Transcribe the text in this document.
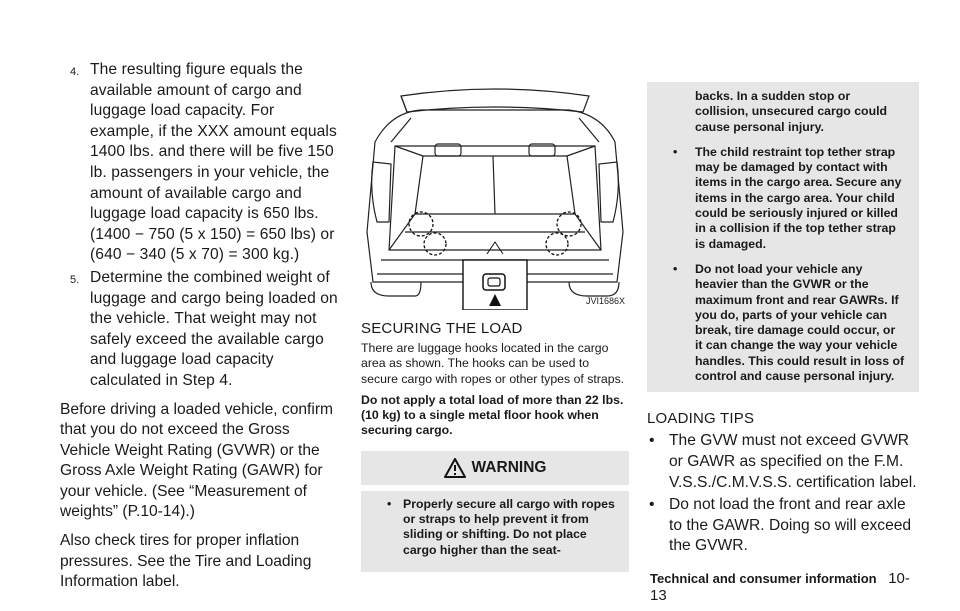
4. The resulting figure equals the available amount of cargo and luggage load capacity. For example, if the XXX amount equals 1400 lbs. and there will be five 150 lb. passengers in your vehicle, the amount of available cargo and luggage load capacity is 650 lbs. (1400 − 750 (5 x 150) = 650 lbs) or (640 − 340 (5 x 70) = 300 kg.)
5. Determine the combined weight of luggage and cargo being loaded on the vehicle. That weight may not safely exceed the available cargo and luggage load capacity calculated in Step 4.

Before driving a loaded vehicle, confirm that you do not exceed the Gross Vehicle Weight Rating (GVWR) or the Gross Axle Weight Rating (GAWR) for your vehicle. (See “Measurement of weights” (P.10-14).)

Also check tires for proper inflation pressures. See the Tire and Loading Information label.

JVI1686X
SECURING THE LOAD

There are luggage hooks located in the cargo area as shown. The hooks can be used to secure cargo with ropes or other types of straps.

Do not apply a total load of more than 22 lbs. (10 kg) to a single metal floor hook when securing cargo.

WARNING
• Properly secure all cargo with ropes or straps to help prevent it from sliding or shifting. Do not place cargo higher than the seat-
backs. In a sudden stop or collision, unsecured cargo could cause personal injury.
• The child restraint top tether strap may be damaged by contact with items in the cargo area. Secure any items in the cargo area. Your child could be seriously injured or killed in a collision if the top tether strap is damaged.
• Do not load your vehicle any heavier than the GVWR or the maximum front and rear GAWRs. If you do, parts of your vehicle can break, tire damage could occur, or it can change the way your vehicle handles. This could result in loss of control and cause personal injury.
LOADING TIPS
• The GVW must not exceed GVWR or GAWR as specified on the F.M. V.S.S./C.M.V.S.S. certification label.
• Do not load the front and rear axle to the GAWR. Doing so will exceed the GVWR.
Technical and consumer information 10-13
